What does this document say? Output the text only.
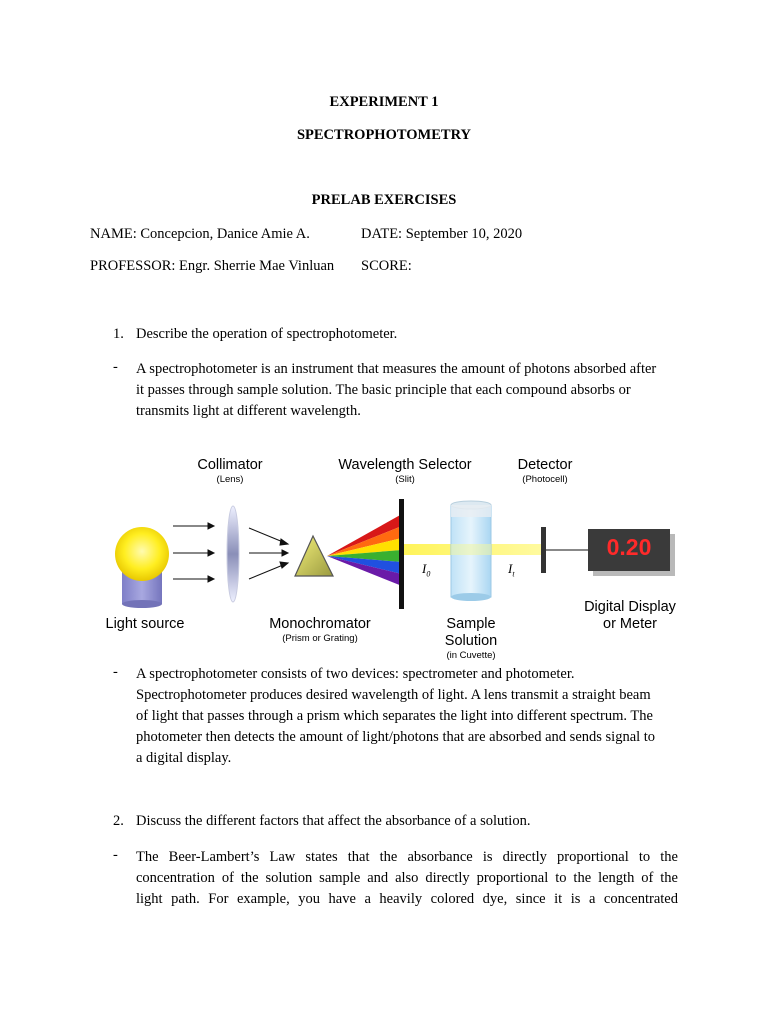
EXPERIMENT 1
SPECTROPHOTOMETRY
PRELAB EXERCISES
NAME: Concepcion, Danice Amie A.	DATE: September 10, 2020
PROFESSOR: Engr. Sherrie Mae Vinluan SCORE:
1. Describe the operation of spectrophotometer.
- A spectrophotometer is an instrument that measures the amount of photons absorbed after
it passes through sample solution. The basic principle that each compound absorbs or
transmits light at different wavelength.
0.20
Collimator
(Lens)
Wavelength Selector
(Slit)
Detector
(Photocell)
$I_0$	$I_t$
Light source	Monochromator
(Prism or Grating)
Sample
Solution
(in Cuvette)
Digital Display
or Meter
- A spectrophotometer consists of two devices: spectrometer and photometer.
Spectrophotometer produces desired wavelength of light. A lens transmit a straight beam
of light that passes through a prism which separates the light into different spectrum. The
photometer then detects the amount of light/photons that are absorbed and sends signal to
a digital display.
2. Discuss the different factors that affect the absorbance of a solution.
- The Beer-Lambert’s Law states that the absorbance is directly proportional to the
concentration of the solution sample and also directly proportional to the length of the
light path. For example, you have a heavily colored dye, since it is a concentrated
